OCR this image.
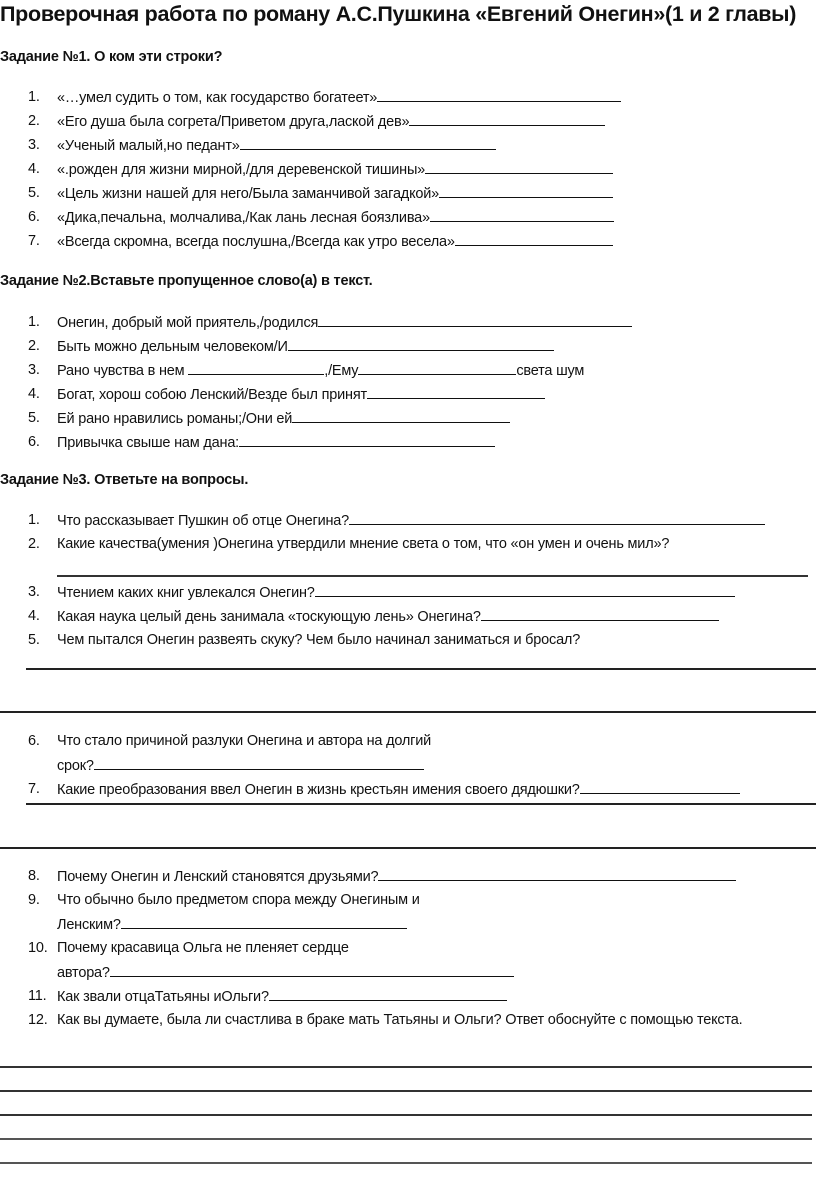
Проверочная работа по роману А.С.Пушкина «Евгений Онегин»(1 и 2 главы)
Задание №1. О ком эти строки?
1.	«…умел судить о том, как государство богатеет»
2.	«Его душа была согрета/Приветом друга,лаской дев»
3.	«Ученый малый,но педант»
4.	«.рожден для жизни мирной,/для деревенской тишины»
5.	«Цель жизни нашей для него/Была заманчивой загадкой»
6.	«Дика,печальна, молчалива,/Как лань лесная боязлива»
7.	«Всегда скромна, всегда послушна,/Всегда как утро весела»
Задание №2.Вставьте пропущенное слово(а) в текст.
1.	Онегин, добрый мой приятель,/родился
2.	Быть можно дельным человеком/И
3.	Рано чувства в нем	,/Ему	света шум
4.	Богат, хорош собою Ленский/Везде был принят
5.	Ей рано нравились романы;/Они ей
6.	Привычка свыше нам дана:
Задание №3. Ответьте на вопросы.
1.	Что рассказывает Пушкин об отце Онегина?
2.	Какие качества(умения )Онегина утвердили мнение света о том, что «он умен и очень мил»?
3.	Чтением каких книг увлекался Онегин?
4.	Какая наука целый день занимала «тоскующую лень» Онегина?
5.	Чем пытался Онегин развеять скуку? Чем было начинал заниматься и бросал?
6.	Что стало причиной разлуки Онегина и автора на долгий
срок?
7.	Какие преобразования ввел Онегин в жизнь крестьян имения своего дядюшки?
8.	Почему Онегин и Ленский становятся друзьями?
9.	Что обычно было предметом спора между Онегиным и
Ленским?
10. Почему красавица Ольга не пленяет сердце
автора?
11. Как звали отцаТатьяны иОльги?
12. Как вы думаете, была ли счастлива в браке мать Татьяны и Ольги? Ответ обоснуйте с помощью текста.
